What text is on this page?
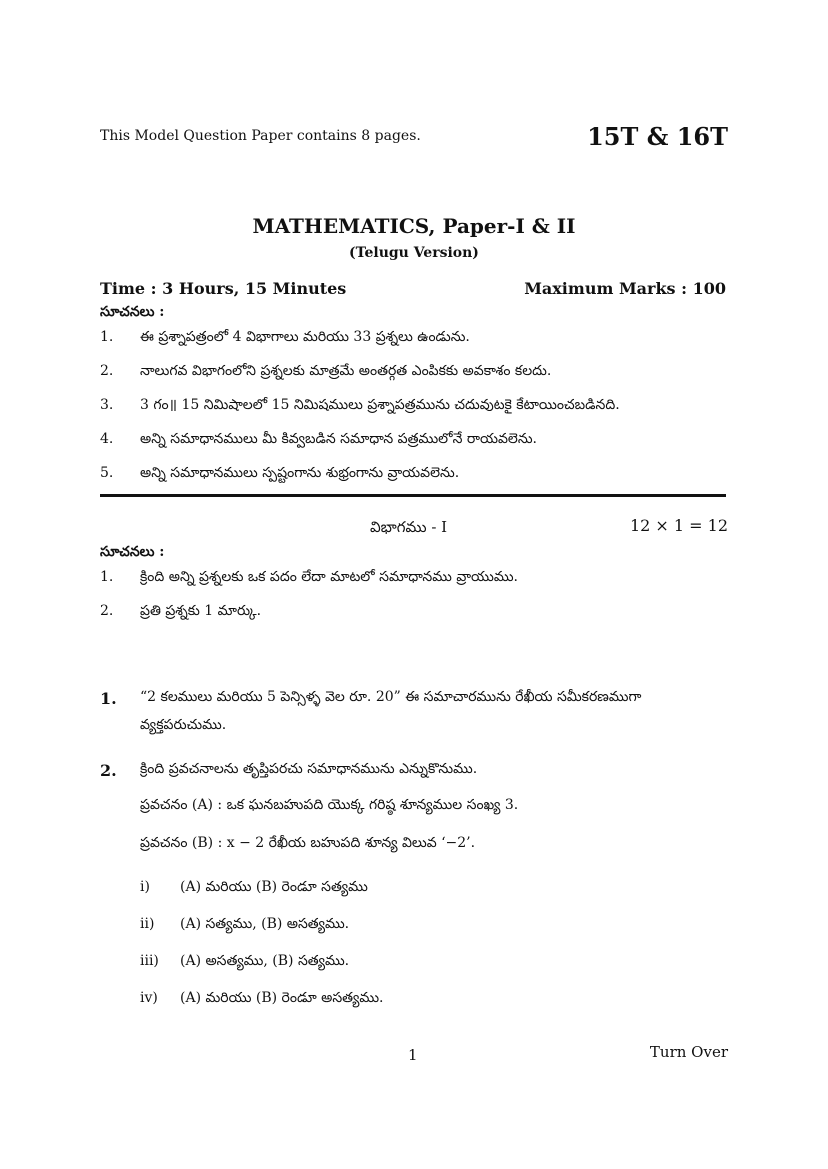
This Model Question Paper contains 8 pages.	15T & 16T
MATHEMATICS, Paper-I & II
(Telugu Version)
Time : 3 Hours, 15 Minutes	Maximum Marks : 100
సూచనలు :
1. ఈ ప్రశ్నాపత్రంలో 4 విభాగాలు మరియు 33 ప్రశ్నలు ఉండును.
2. నాలుగవ విభాగంలోని ప్రశ్నలకు మాత్రమే అంతర్గత ఎంపికకు అవకాశం కలదు.
3. 3 గం॥ 15 నిమిషాలలో 15 నిమిషములు ప్రశ్నాపత్రమును చదువుటకై కేటాయించబడినది.
4. అన్ని సమాధానములు మీ కివ్వబడిన సమాధాన పత్రములోనే రాయవలెను.
5. అన్ని సమాధానములు స్పష్టంగాను శుభ్రంగాను వ్రాయవలెను.
విభాగము - I	12 × 1 = 12
సూచనలు :
1. క్రింది అన్ని ప్రశ్నలకు ఒక పదం లేదా మాటలో సమాధానము వ్రాయుము.
2. ప్రతి ప్రశ్నకు 1 మార్కు.
1. “2 కలములు మరియు 5 పెన్సిళ్ళ వెల రూ. 20” ఈ సమాచారమును రేఖీయ సమీకరణముగా
వ్యక్తపరుచుము.
2. క్రింది ప్రవచనాలను తృప్తిపరచు సమాధానమును ఎన్నుకొనుము.
ప్రవచనం (A) : ఒక ఘనబహుపది యొక్క గరిష్ఠ శూన్యముల సంఖ్య 3.
ప్రవచనం (B) : x − 2 రేఖీయ బహుపది శూన్య విలువ ‘−2’.
i) (A) మరియు (B) రెండూ సత్యము
ii) (A) సత్యము, (B) అసత్యము.
iii) (A) అసత్యము, (B) సత్యము.
iv) (A) మరియు (B) రెండూ అసత్యము.
1	Turn Over
